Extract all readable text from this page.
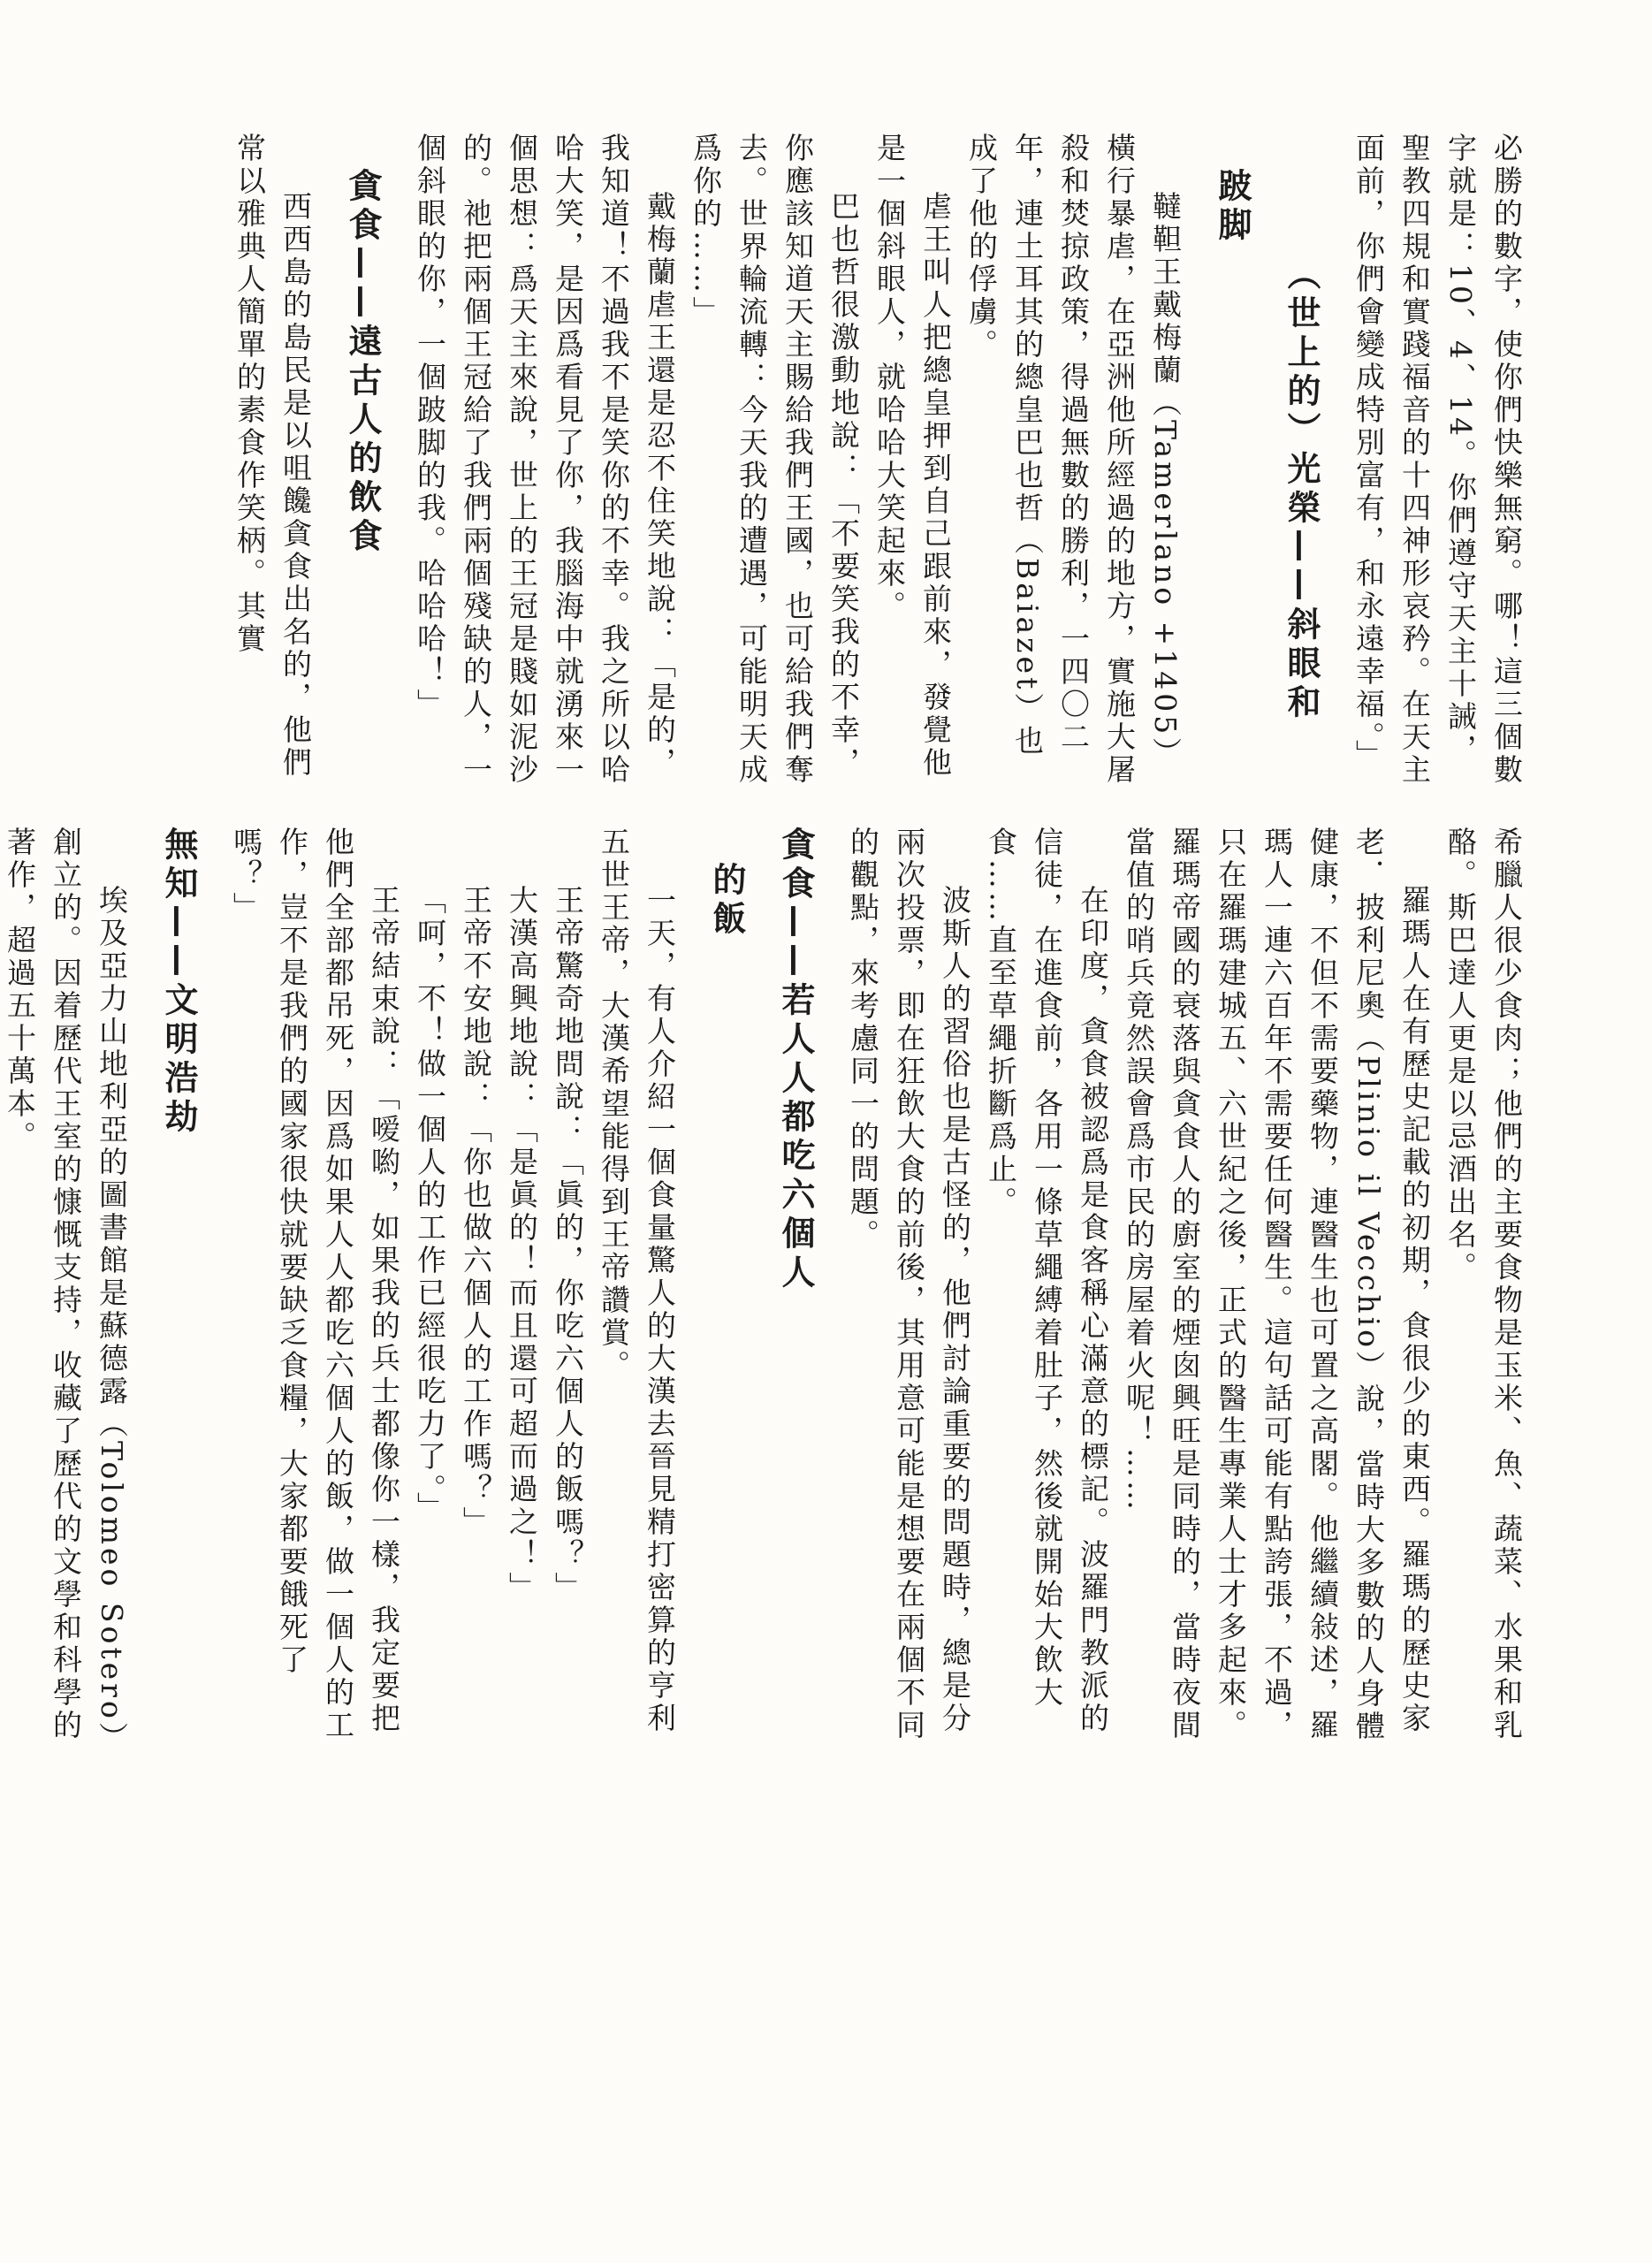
必勝的數字，使你們快樂無窮。哪！這三個數字就是：10、4、14。你們遵守天主十誡，聖教四規和實踐福音的十四神形哀矜。在天主面前，你們會變成特別富有，和永遠幸福。」

（世上的）光榮——斜眼和
跛脚

韃靼王戴梅蘭（Tamerlano +1405）橫行暴虐，在亞洲他所經過的地方，實施大屠殺和焚掠政策，得過無數的勝利，一四〇二年，連土耳其的總皇巴也哲（Baiazet）也成了他的俘虜。

虐王叫人把總皇押到自己跟前來，發覺他是一個斜眼人，就哈哈大笑起來。

巴也哲很激動地說：「不要笑我的不幸，你應該知道天主賜給我們王國，也可給我們奪去。世界輪流轉：今天我的遭遇，可能明天成爲你的……」

戴梅蘭虐王還是忍不住笑地說：「是的，我知道！不過我不是笑你的不幸。我之所以哈哈大笑，是因爲看見了你，我腦海中就湧來一個思想：爲天主來說，世上的王冠是賤如泥沙的。祂把兩個王冠給了我們兩個殘缺的人，一個斜眼的你，一個跛脚的我。哈哈哈！」

貪食——遠古人的飲食

西西島的島民是以咀饞貪食出名的，他們常以雅典人簡單的素食作笑柄。其實

希臘人很少食肉；他們的主要食物是玉米、魚、蔬菜、水果和乳酪。斯巴達人更是以忌酒出名。

羅瑪人在有歷史記載的初期，食很少的東西。羅瑪的歷史家老．披利尼奧（Plinio il Vecchio）說，當時大多數的人身體健康，不但不需要藥物，連醫生也可置之高閣。他繼續敍述，羅瑪人一連六百年不需要任何醫生。這句話可能有點誇張，不過，只在羅瑪建城五、六世紀之後，正式的醫生專業人士才多起來。羅瑪帝國的衰落與貪食人的廚室的煙囱興旺是同時的，當時夜間當值的哨兵竟然誤會爲市民的房屋着火呢！……

在印度，貪食被認爲是食客稱心滿意的標記。波羅門教派的信徒，在進食前，各用一條草繩縛着肚子，然後就開始大飲大食……直至草繩折斷爲止。

波斯人的習俗也是古怪的，他們討論重要的問題時，總是分兩次投票，即在狂飲大食的前後，其用意可能是想要在兩個不同的觀點，來考慮同一的問題。

貪食——若人人都吃六個人
的飯

一天，有人介紹一個食量驚人的大漢去晉見精打密算的亨利五世王帝，大漢希望能得到王帝讚賞。

王帝驚奇地問說：「眞的，你吃六個人的飯嗎？」

大漢高興地說：「是眞的！而且還可超而過之！」

王帝不安地說：「你也做六個人的工作嗎？」

「呵，不！做一個人的工作已經很吃力了。」

王帝結束說：「嗳喲，如果我的兵士都像你一樣，我定要把他們全部都吊死，因爲如果人人都吃六個人的飯，做一個人的工作，豈不是我們的國家很快就要缺乏食糧，大家都要餓死了嗎？」

無知——文明浩劫

埃及亞力山地利亞的圖書館是蘇德露（Tolomeo Sotero）創立的。因着歷代王室的慷慨支持，收藏了歷代的文學和科學的著作，超過五十萬本。
